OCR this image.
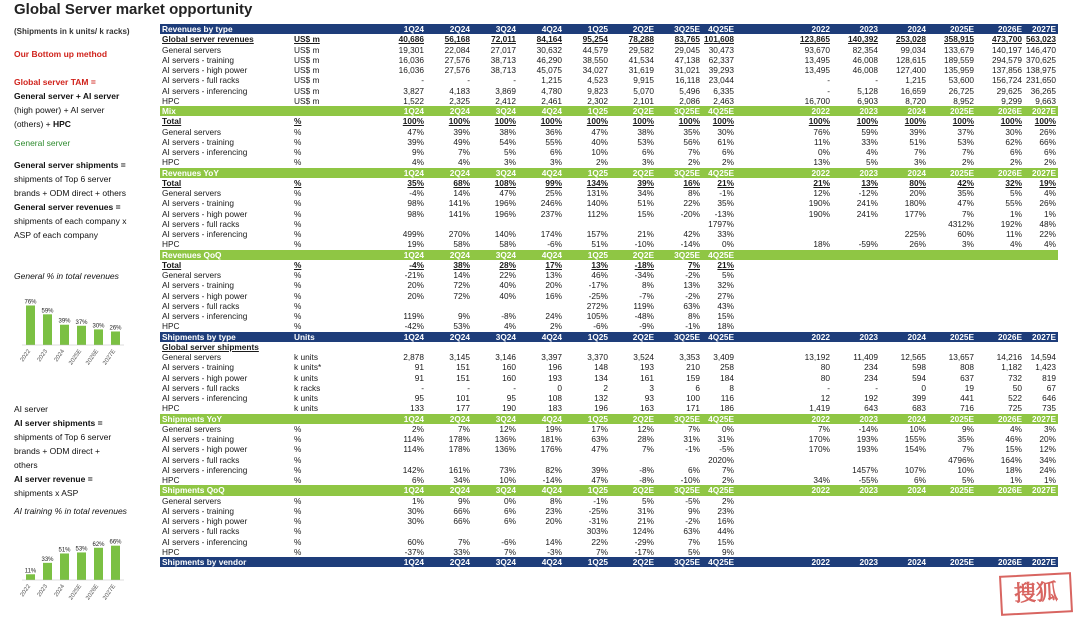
Global Server market opportunity
(Shipments in k units/ k racks)
Our Bottom up method
Global server TAM =
General server + AI server
(high power) + AI server
(others) + HPC
General server
General server shipments =
shipments of Top 6 server
brands + ODM direct + others
General server revenues =
shipments of each company x
ASP of each company
General % in total revenues
76%
2022
59%
2023
39%
2024
37%
2025E
30%
2026E
26%
2027E
AI server
AI server shipments =
shipments of Top 6 server
brands + ODM direct +
others
AI server revenue =
shipments x ASP
AI training % in total revenues
11%
2022
33%
2023
51%
2024
53%
2025E
62%
2026E
66%
2027E
Revenues by type			1Q24	2Q24	3Q24	4Q24	1Q25	2Q2E	3Q25E	4Q25E		2022	2023	2024	2025E	2026E	2027E
Global server revenues	US$ m		40,686	56,168	72,011	84,164	95,254	78,288	83,765	101,608		123,865	140,392	253,028	358,915	473,700	563,023
General servers	US$ m		19,301	22,084	27,017	30,632	44,579	29,582	29,045	30,473		93,670	82,354	99,034	133,679	140,197	146,470
AI servers - training	US$ m		16,036	27,576	38,713	46,290	38,550	41,534	47,138	62,337		13,495	46,008	128,615	189,559	294,579	370,625
AI servers - high power	US$ m		16,036	27,576	38,713	45,075	34,027	31,619	31,021	39,293		13,495	46,008	127,400	135,959	137,856	138,975
AI servers - full racks	US$ m		-	-	-	1,215	4,523	9,915	16,118	23,044		-	-	1,215	53,600	156,724	231,650
AI servers - inferencing	US$ m		3,827	4,183	3,869	4,780	9,823	5,070	5,496	6,335		-	5,128	16,659	26,725	29,625	36,265
HPC	US$ m		1,522	2,325	2,412	2,461	2,302	2,101	2,086	2,463		16,700	6,903	8,720	8,952	9,299	9,663
Mix			1Q24	2Q24	3Q24	4Q24	1Q25	2Q2E	3Q25E	4Q25E		2022	2023	2024	2025E	2026E	2027E
Total	%		100%	100%	100%	100%	100%	100%	100%	100%		100%	100%	100%	100%	100%	100%
General servers	%		47%	39%	38%	36%	47%	38%	35%	30%		76%	59%	39%	37%	30%	26%
AI servers - training	%		39%	49%	54%	55%	40%	53%	56%	61%		11%	33%	51%	53%	62%	66%
AI servers - inferencing	%		9%	7%	5%	6%	10%	6%	7%	6%		0%	4%	7%	7%	6%	6%
HPC	%		4%	4%	3%	3%	2%	3%	2%	2%		13%	5%	3%	2%	2%	2%
Revenues YoY			1Q24	2Q24	3Q24	4Q24	1Q25	2Q2E	3Q25E	4Q25E		2022	2023	2024	2025E	2026E	2027E
Total	%		35%	68%	108%	99%	134%	39%	16%	21%		21%	13%	80%	42%	32%	19%
General servers	%		-4%	14%	47%	25%	131%	34%	8%	-1%		12%	-12%	20%	35%	5%	4%
AI servers - training	%		98%	141%	196%	246%	140%	51%	22%	35%		190%	241%	180%	47%	55%	26%
AI servers - high power	%		98%	141%	196%	237%	112%	15%	-20%	-13%		190%	241%	177%	7%	1%	1%
AI servers - full racks	%									1797%					4312%	192%	48%
AI servers - inferencing	%		499%	270%	140%	174%	157%	21%	42%	33%				225%	60%	11%	22%
HPC	%		19%	58%	58%	-6%	51%	-10%	-14%	0%		18%	-59%	26%	3%	4%	4%
Revenues QoQ			1Q24	2Q24	3Q24	4Q24	1Q25	2Q2E	3Q25E	4Q25E							
Total	%		-4%	38%	28%	17%	13%	-18%	7%	21%							
General servers	%		-21%	14%	22%	13%	46%	-34%	-2%	5%							
AI servers - training	%		20%	72%	40%	20%	-17%	8%	13%	32%							
AI servers - high power	%		20%	72%	40%	16%	-25%	-7%	-2%	27%							
AI servers - full racks	%						272%	119%	63%	43%							
AI servers - inferencing	%		119%	9%	-8%	24%	105%	-48%	8%	15%							
HPC	%		-42%	53%	4%	2%	-6%	-9%	-1%	18%							
Shipments by type	Units		1Q24	2Q24	3Q24	4Q24	1Q25	2Q2E	3Q25E	4Q25E		2022	2023	2024	2025E	2026E	2027E
Global server shipments																	
General servers	k units		2,878	3,145	3,146	3,397	3,370	3,524	3,353	3,409		13,192	11,409	12,565	13,657	14,216	14,594
AI servers - training	k units*		91	151	160	196	148	193	210	258		80	234	598	808	1,182	1,423
AI servers - high power	k units		91	151	160	193	134	161	159	184		80	234	594	637	732	819
AI servers - full racks	k racks		-	-	-	0	2	3	6	8		-	-	0	19	50	67
AI servers - inferencing	k units		95	101	95	108	132	93	100	116		12	192	399	441	522	646
HPC	k units		133	177	190	183	196	163	171	186		1,419	643	683	716	725	735
Shipments YoY			1Q24	2Q24	3Q24	4Q24	1Q25	2Q2E	3Q25E	4Q25E		2022	2023	2024	2025E	2026E	2027E
General servers	%		2%	7%	12%	19%	17%	12%	7%	0%		7%	-14%	10%	9%	4%	3%
AI servers - training	%		114%	178%	136%	181%	63%	28%	31%	31%		170%	193%	155%	35%	46%	20%
AI servers - high power	%		114%	178%	136%	176%	47%	7%	-1%	-5%		170%	193%	154%	7%	15%	12%
AI servers - full racks	%									2020%					4796%	164%	34%
AI servers - inferencing	%		142%	161%	73%	82%	39%	-8%	6%	7%			1457%	107%	10%	18%	24%
HPC	%		6%	34%	10%	-14%	47%	-8%	-10%	2%		34%	-55%	6%	5%	1%	1%
Shipments QoQ			1Q24	2Q24	3Q24	4Q24	1Q25	2Q2E	3Q25E	4Q25E		2022	2023	2024	2025E	2026E	2027E
General servers	%		1%	9%	0%	8%	-1%	5%	-5%	2%							
AI servers - training	%		30%	66%	6%	23%	-25%	31%	9%	23%							
AI servers - high power	%		30%	66%	6%	20%	-31%	21%	-2%	16%							
AI servers - full racks	%						303%	124%	63%	44%							
AI servers - inferencing	%		60%	7%	-6%	14%	22%	-29%	7%	15%							
HPC	%		-37%	33%	7%	-3%	7%	-17%	5%	9%							
Shipments by vendor			1Q24	2Q24	3Q24	4Q24	1Q25	2Q2E	3Q25E	4Q25E		2022	2023	2024	2025E	2026E	2027E
搜狐
